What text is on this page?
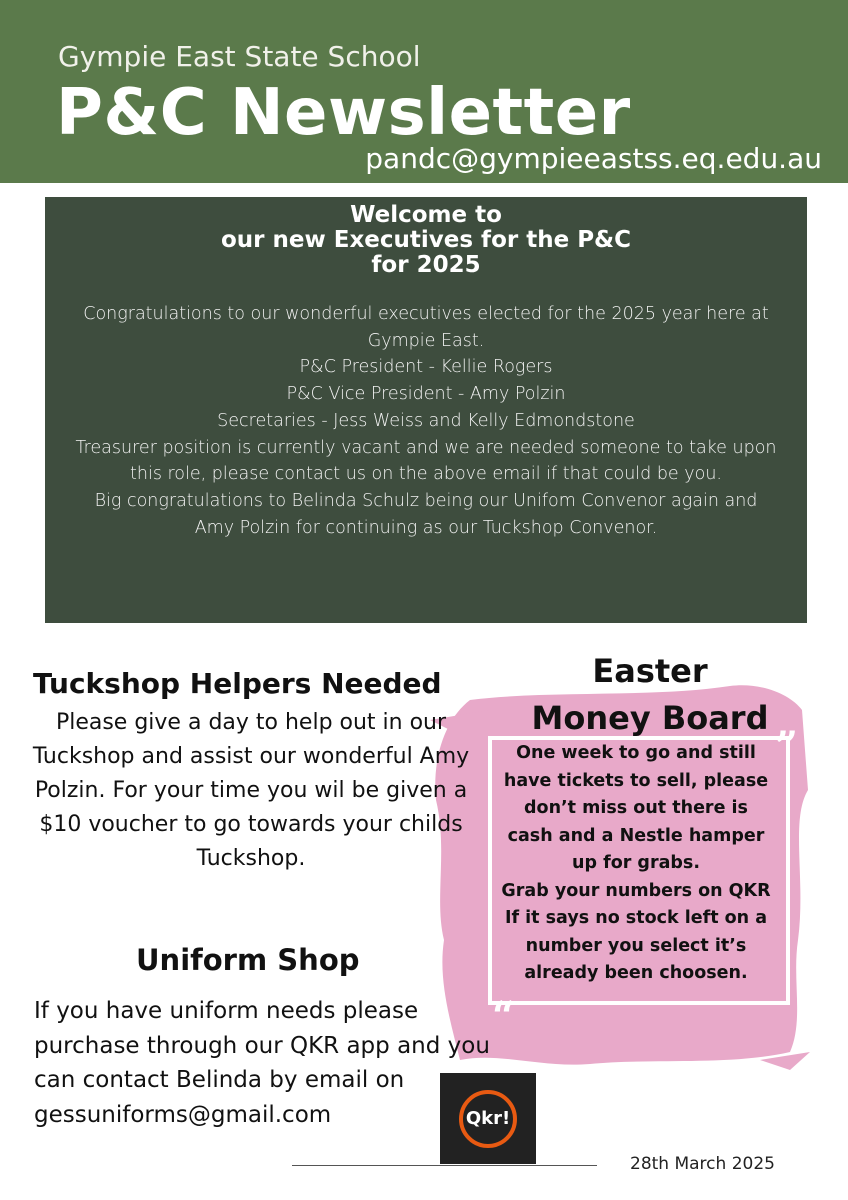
Gympie East State School
P&C Newsletter
pandc@gympieeastss.eq.edu.au
Welcome to
our new Executives for the P&C
for 2025
Congratulations to our wonderful executives elected for the 2025 year here at Gympie East.
P&C President - Kellie Rogers
P&C Vice President - Amy Polzin
Secretaries - Jess Weiss and Kelly Edmondstone
Treasurer position is currently vacant and we are needed someone to take upon this role, please contact us on the above email if that could be you.
Big congratulations to Belinda Schulz being our Unifom Convenor again and
Amy Polzin for continuing as our Tuckshop Convenor.
”
“
Tuckshop Helpers Needed
Please give a day to help out in our Tuckshop and assist our wonderful Amy Polzin. For your time you wil be given a $10 voucher to go towards your childs Tuckshop.
Easter
Money Board
One week to go and still have tickets to sell, please don’t miss out there is cash and a Nestle hamper up for grabs.
Grab your numbers on QKR
If it says no stock left on a number you select it’s already been choosen.
Uniform Shop
If you have uniform needs please purchase through our QKR app and you can contact Belinda by email on gessuniforms@gmail.com	Qkr!
28th March 2025
